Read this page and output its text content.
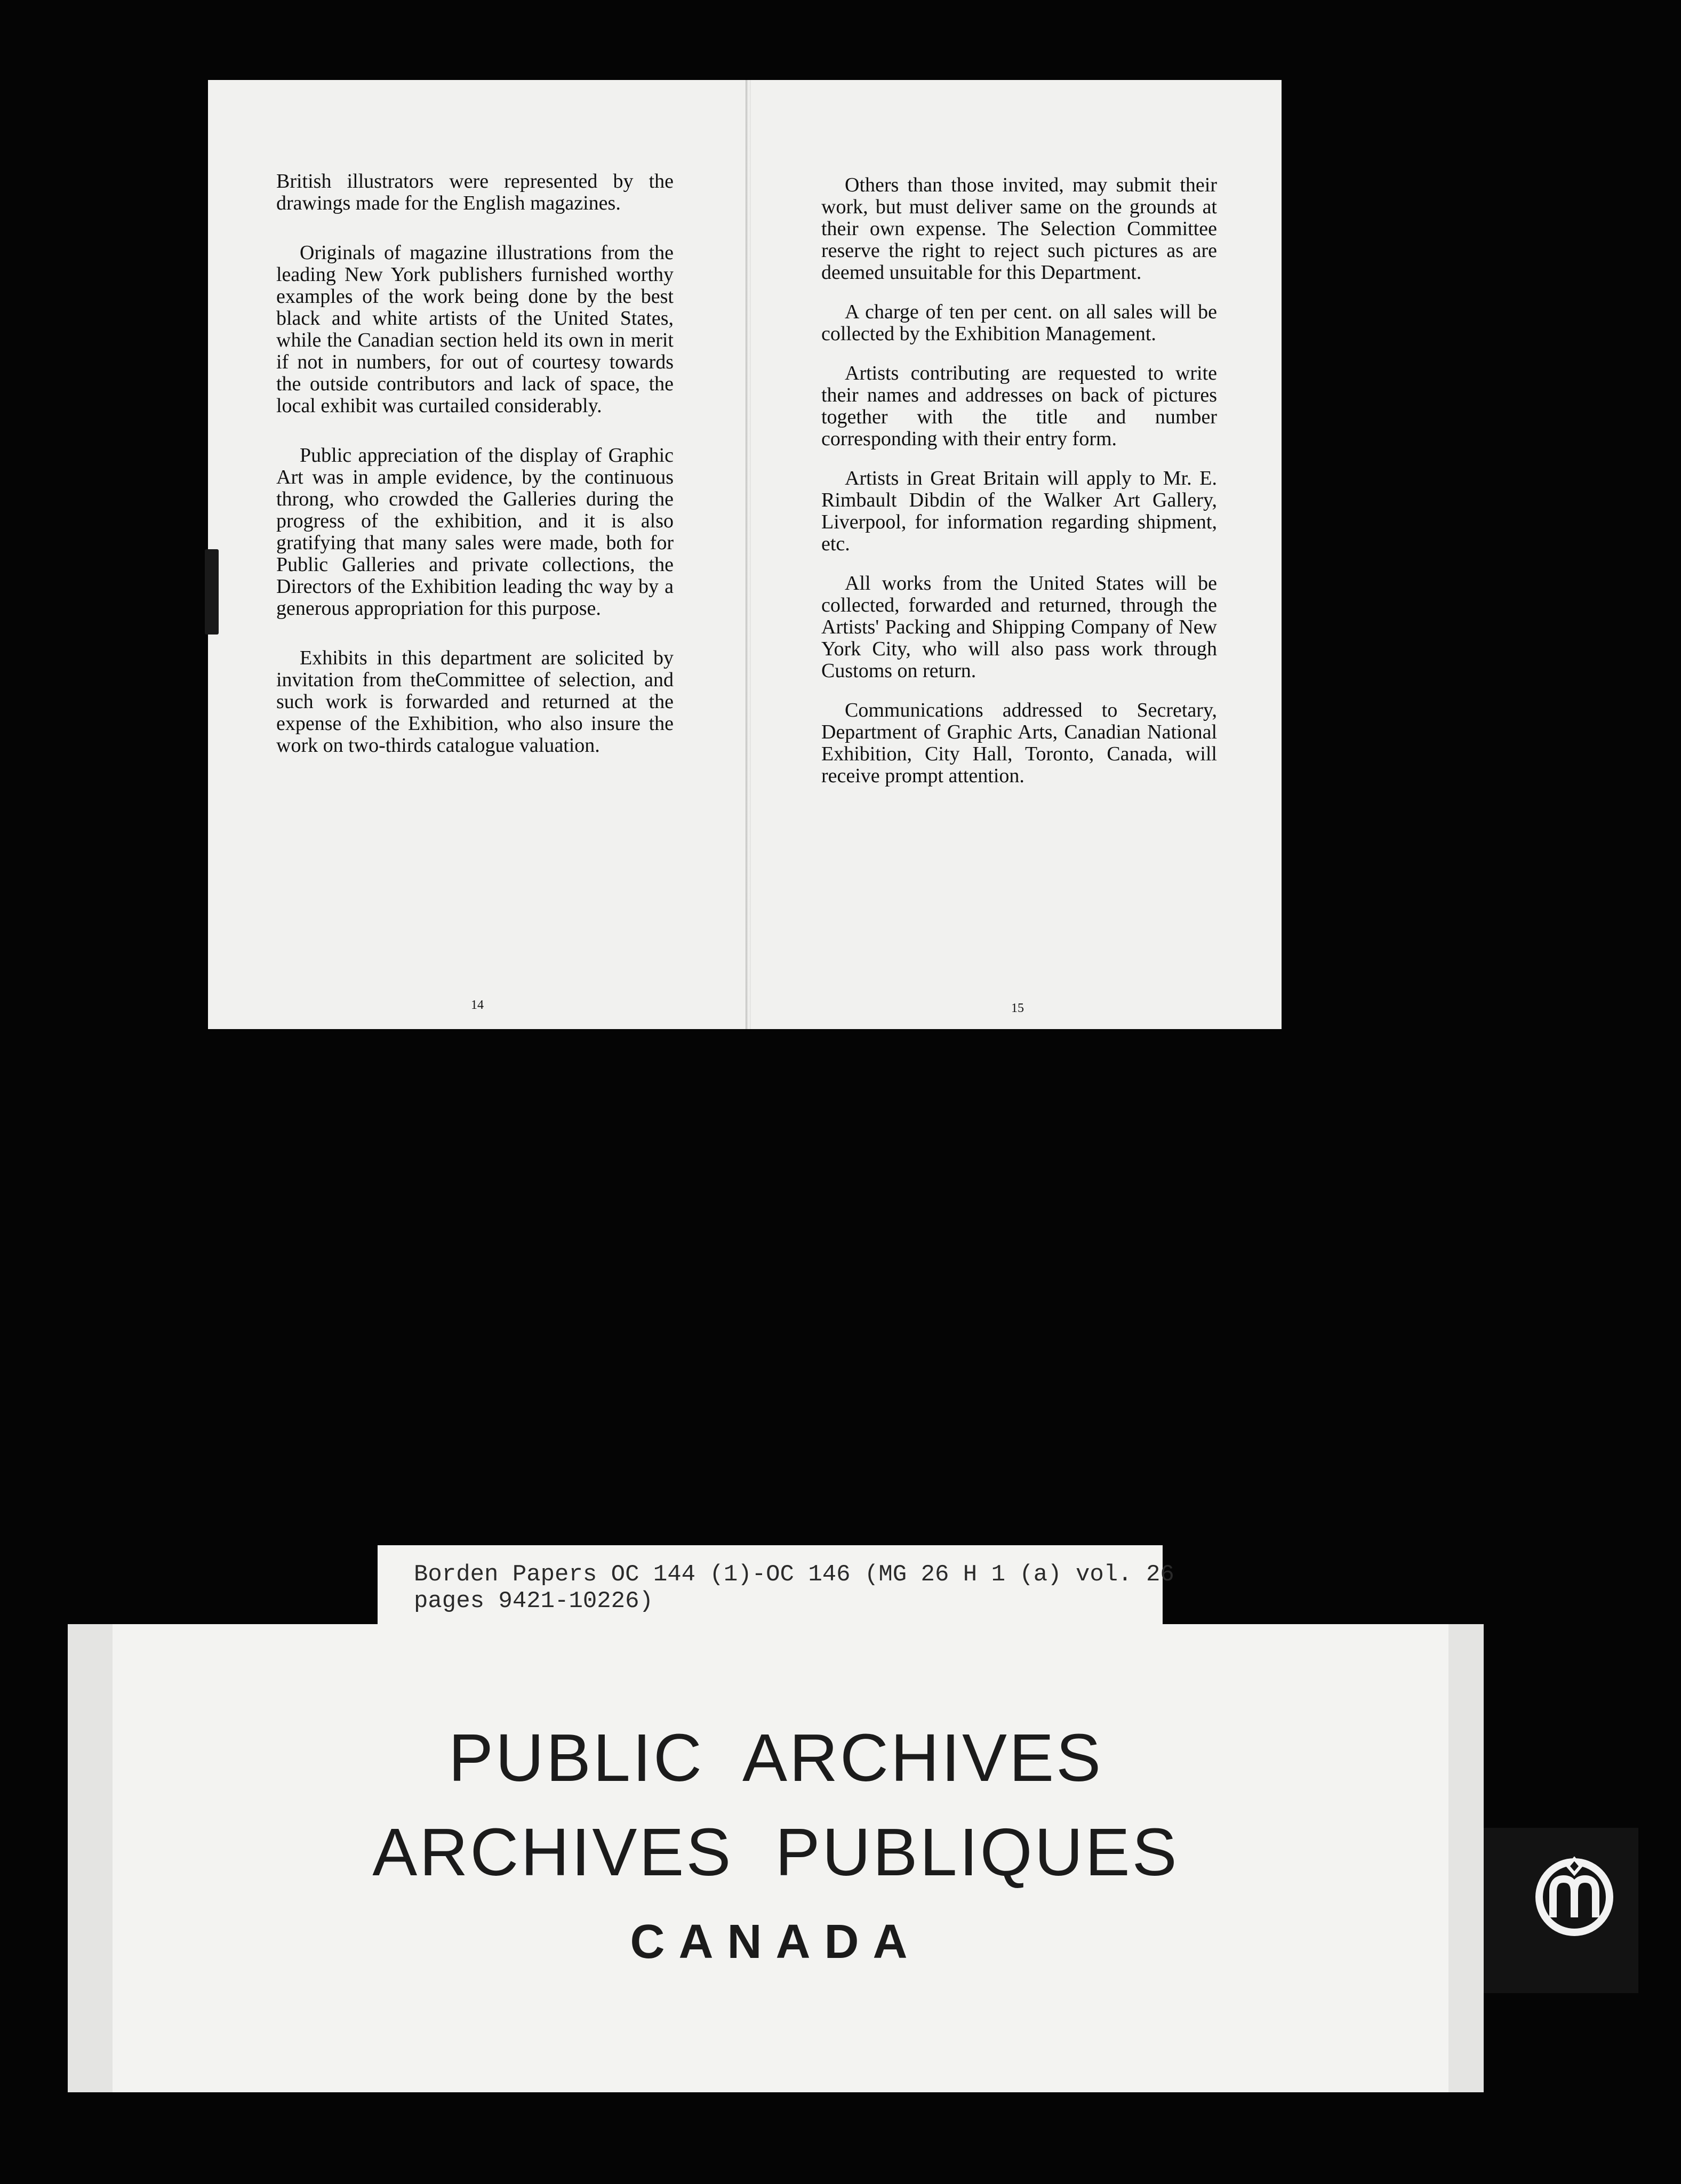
British illustrators were represented by the drawings made for the English magazines.

Originals of magazine illustrations from the leading New York publishers furnished worthy examples of the work being done by the best black and white artists of the United States, while the Canadian section held its own in merit if not in numbers, for out of courtesy towards the outside contributors and lack of space, the local exhibit was curtailed considerably.

Public appreciation of the display of Graphic Art was in ample evidence, by the continuous throng, who crowded the Galleries during the progress of the exhibition, and it is also gratifying that many sales were made, both for Public Galleries and private collections, the Directors of the Exhibition leading thc way by a generous appropriation for this purpose.

Exhibits in this department are solicited by invitation from theCommittee of selection, and such work is forwarded and returned at the expense of the Exhibition, who also insure the work on two-thirds catalogue valuation.

14

Others than those invited, may submit their work, but must deliver same on the grounds at their own expense. The Selection Committee reserve the right to reject such pictures as are deemed unsuitable for this Department.

A charge of ten per cent. on all sales will be collected by the Exhibition Management.

Artists contributing are requested to write their names and addresses on back of pictures together with the title and number corresponding with their entry form.

Artists in Great Britain will apply to Mr. E. Rimbault Dibdin of the Walker Art Gallery, Liverpool, for information regarding shipment, etc.

All works from the United States will be collected, forwarded and returned, through the Artists' Packing and Shipping Company of New York City, who will also pass work through Customs on return.

Communications addressed to Secretary, Department of Graphic Arts, Canadian National Exhibition, City Hall, Toronto, Canada, will receive prompt attention.

15
Borden Papers OC 144 (1)-OC 146 (MG 26 H 1 (a) vol. 26
pages 9421-10226)
PUBLIC ARCHIVES
ARCHIVES PUBLIQUES
CANADA
